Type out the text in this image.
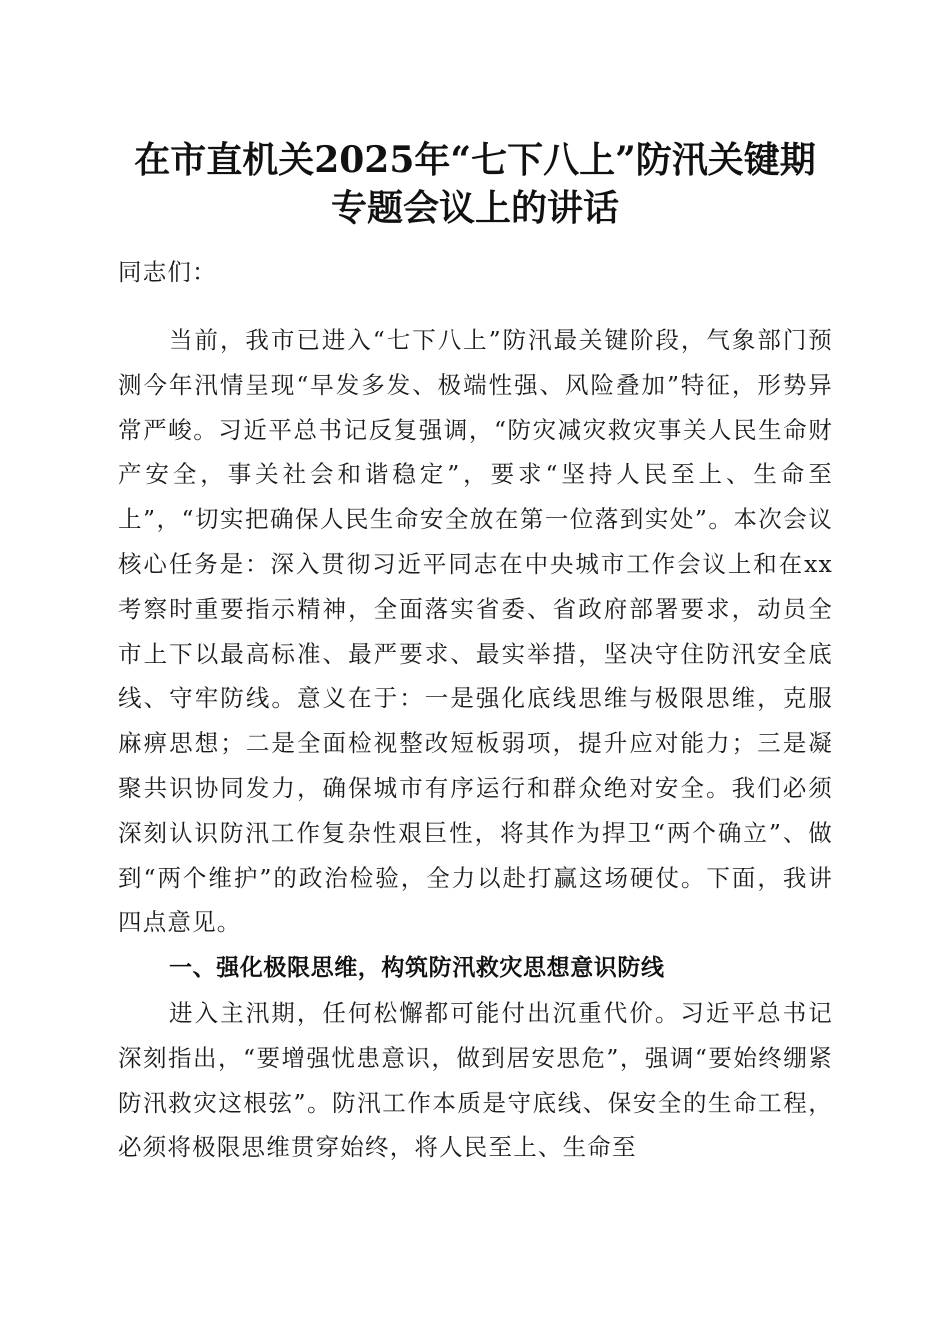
在市直机关2025年“七下八上”防汛关键期
专题会议上的讲话
同志们：
当前，我市已进入“七下八上”防汛最关键阶段，气象部门预测今年汛情呈现“早发多发、极端性强、风险叠加”特征，形势异常严峻。习近平总书记反复强调，“防灾减灾救灾事关人民生命财产安全，事关社会和谐稳定”，要求“坚持人民至上、生命至上”，“切实把确保人民生命安全放在第一位落到实处”。本次会议核心任务是：深入贯彻习近平同志在中央城市工作会议上和在xx考察时重要指示精神，全面落实省委、省政府部署要求，动员全市上下以最高标准、最严要求、最实举措，坚决守住防汛安全底线、守牢防线。意义在于：一是强化底线思维与极限思维，克服麻痹思想；二是全面检视整改短板弱项，提升应对能力；三是凝聚共识协同发力，确保城市有序运行和群众绝对安全。我们必须深刻认识防汛工作复杂性艰巨性，将其作为捍卫“两个确立”、做到“两个维护”的政治检验，全力以赴打赢这场硬仗。下面，我讲四点意见。
一、强化极限思维，构筑防汛救灾思想意识防线
进入主汛期，任何松懈都可能付出沉重代价。习近平总书记深刻指出，“要增强忧患意识，做到居安思危”，强调“要始终绷紧防汛救灾这根弦”。防汛工作本质是守底线、保安全的生命工程，必须将极限思维贯穿始终，将人民至上、生命至
